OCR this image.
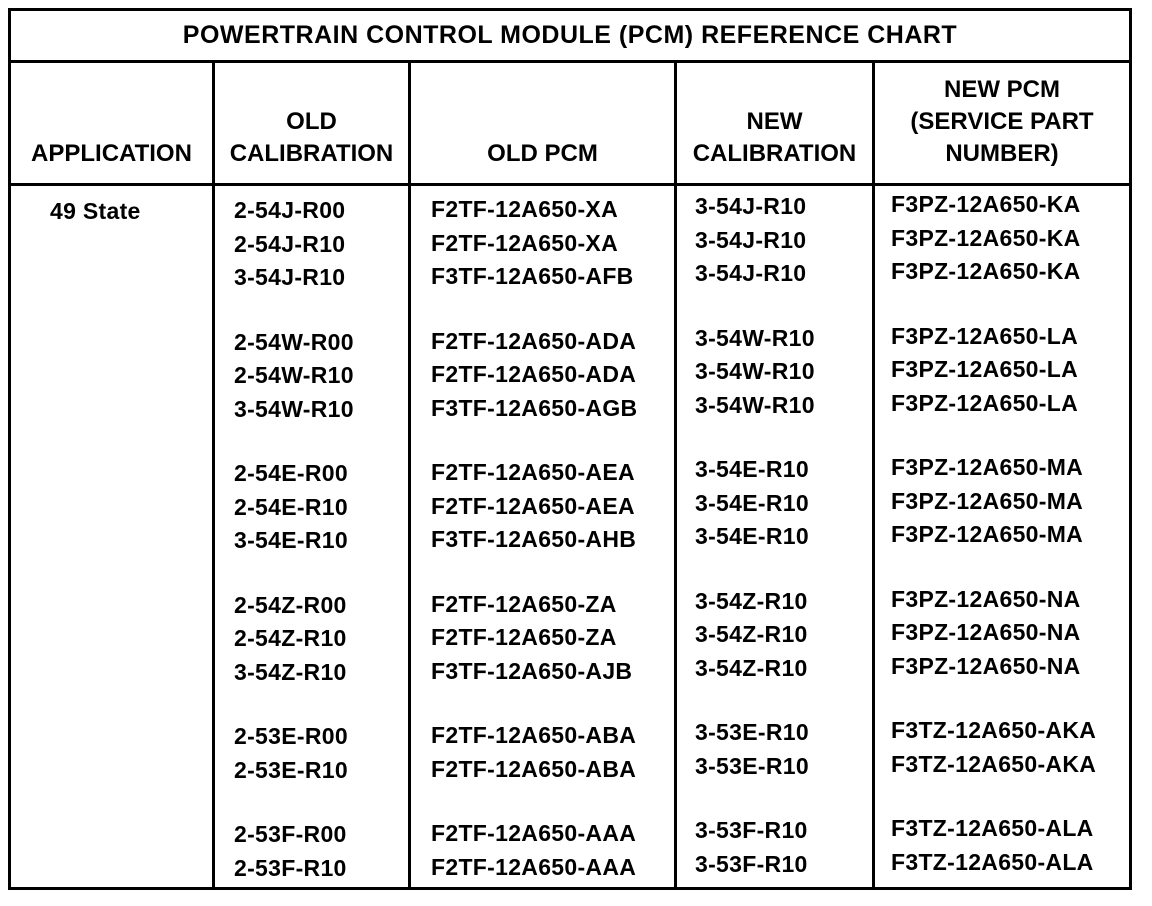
POWERTRAIN CONTROL MODULE (PCM) REFERENCE CHART
APPLICATION
49 State
OLD
CALIBRATION
2-54J-R00
2-54J-R10
3-54J-R10
2-54W-R00
2-54W-R10
3-54W-R10
2-54E-R00
2-54E-R10
3-54E-R10
2-54Z-R00
2-54Z-R10
3-54Z-R10
2-53E-R00
2-53E-R10
2-53F-R00
2-53F-R10
OLD PCM
F2TF-12A650-XA
F2TF-12A650-XA
F3TF-12A650-AFB
F2TF-12A650-ADA
F2TF-12A650-ADA
F3TF-12A650-AGB
F2TF-12A650-AEA
F2TF-12A650-AEA
F3TF-12A650-AHB
F2TF-12A650-ZA
F2TF-12A650-ZA
F3TF-12A650-AJB
F2TF-12A650-ABA
F2TF-12A650-ABA
F2TF-12A650-AAA
F2TF-12A650-AAA
NEW
CALIBRATION
3-54J-R10
3-54J-R10
3-54J-R10
3-54W-R10
3-54W-R10
3-54W-R10
3-54E-R10
3-54E-R10
3-54E-R10
3-54Z-R10
3-54Z-R10
3-54Z-R10
3-53E-R10
3-53E-R10
3-53F-R10
3-53F-R10
NEW PCM
(SERVICE PART
NUMBER)
F3PZ-12A650-KA
F3PZ-12A650-KA
F3PZ-12A650-KA
F3PZ-12A650-LA
F3PZ-12A650-LA
F3PZ-12A650-LA
F3PZ-12A650-MA
F3PZ-12A650-MA
F3PZ-12A650-MA
F3PZ-12A650-NA
F3PZ-12A650-NA
F3PZ-12A650-NA
F3TZ-12A650-AKA
F3TZ-12A650-AKA
F3TZ-12A650-ALA
F3TZ-12A650-ALA
